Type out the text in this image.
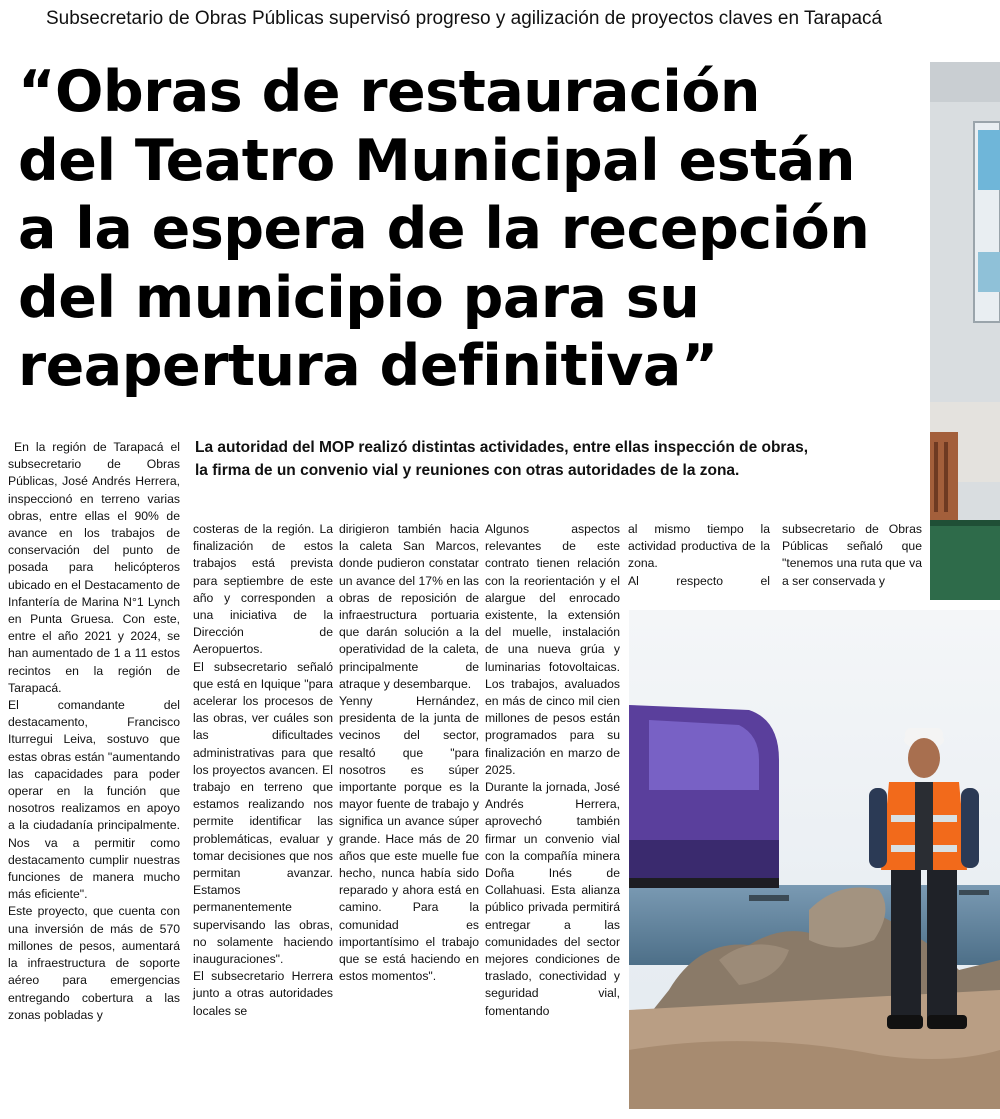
Subsecretario de Obras Públicas supervisó progreso y agilización de proyectos claves en Tarapacá
“Obras de restauración
del Teatro Municipal están
a la espera de la recepción
del municipio para su
reapertura definitiva”
La autoridad del MOP realizó distintas actividades, entre ellas inspección de obras,
la firma de un convenio vial y reuniones con otras autoridades de la zona.

En la región de Tarapacá el subsecretario de Obras Públicas, José Andrés Herrera, inspeccionó en terreno varias obras, entre ellas el 90% de avance en los trabajos de conservación del punto de posada para helicópteros ubicado en el Destacamento de Infantería de Marina N°1 Lynch en Punta Gruesa. Con este, entre el año 2021 y 2024, se han aumentado de 1 a 11 estos recintos en la región de Tarapacá.

El comandante del destacamento, Francisco Iturregui Leiva, sostuvo que estas obras están "aumentando las capacidades para poder operar en la función que nosotros realizamos en apoyo a la ciudadanía principalmente. Nos va a permitir como destacamento cumplir nuestras funciones de manera mucho más eficiente".

Este proyecto, que cuenta con una inversión de más de 570 millones de pesos, aumentará la infraestructura de soporte aéreo para emergencias entregando cobertura a las zonas pobladas y

costeras de la región. La finalización de estos trabajos está prevista para septiembre de este año y corresponden a una iniciativa de la Dirección de Aeropuertos.

El subsecretario señaló que está en Iquique "para acelerar los procesos de las obras, ver cuáles son las dificultades administrativas para que los proyectos avancen. El trabajo en terreno que estamos realizando nos permite identificar las problemáticas, evaluar y tomar decisiones que nos permitan avanzar. Estamos permanentemente supervisando las obras, no solamente haciendo inauguraciones".

El subsecretario Herrera junto a otras autoridades locales se

dirigieron también hacia la caleta San Marcos, donde pudieron constatar un avance del 17% en las obras de reposición de infraestructura portuaria que darán solución a la operatividad de la caleta, principalmente de atraque y desembarque.

Yenny Hernández, presidenta de la junta de vecinos del sector, resaltó que "para nosotros es súper importante porque es la mayor fuente de trabajo y significa un avance súper grande. Hace más de 20 años que este muelle fue hecho, nunca había sido reparado y ahora está en camino. Para la comunidad es importantísimo el trabajo que se está haciendo en estos momentos".

Algunos aspectos relevantes de este contrato tienen relación con la reorientación y el alargue del enrocado existente, la extensión del muelle, instalación de una nueva grúa y luminarias fotovoltaicas. Los trabajos, avaluados en más de cinco mil cien millones de pesos están programados para su finalización en marzo de 2025.

Durante la jornada, José Andrés Herrera, aprovechó también firmar un convenio vial con la compañía minera Doña Inés de Collahuasi. Esta alianza público privada permitirá entregar a las comunidades del sector mejores condiciones de traslado, conectividad y seguridad vial, fomentando

al mismo tiempo la actividad productiva de la zona.

Al respecto el

subsecretario de Obras Públicas señaló que "tenemos una ruta que va a ser conservada y
